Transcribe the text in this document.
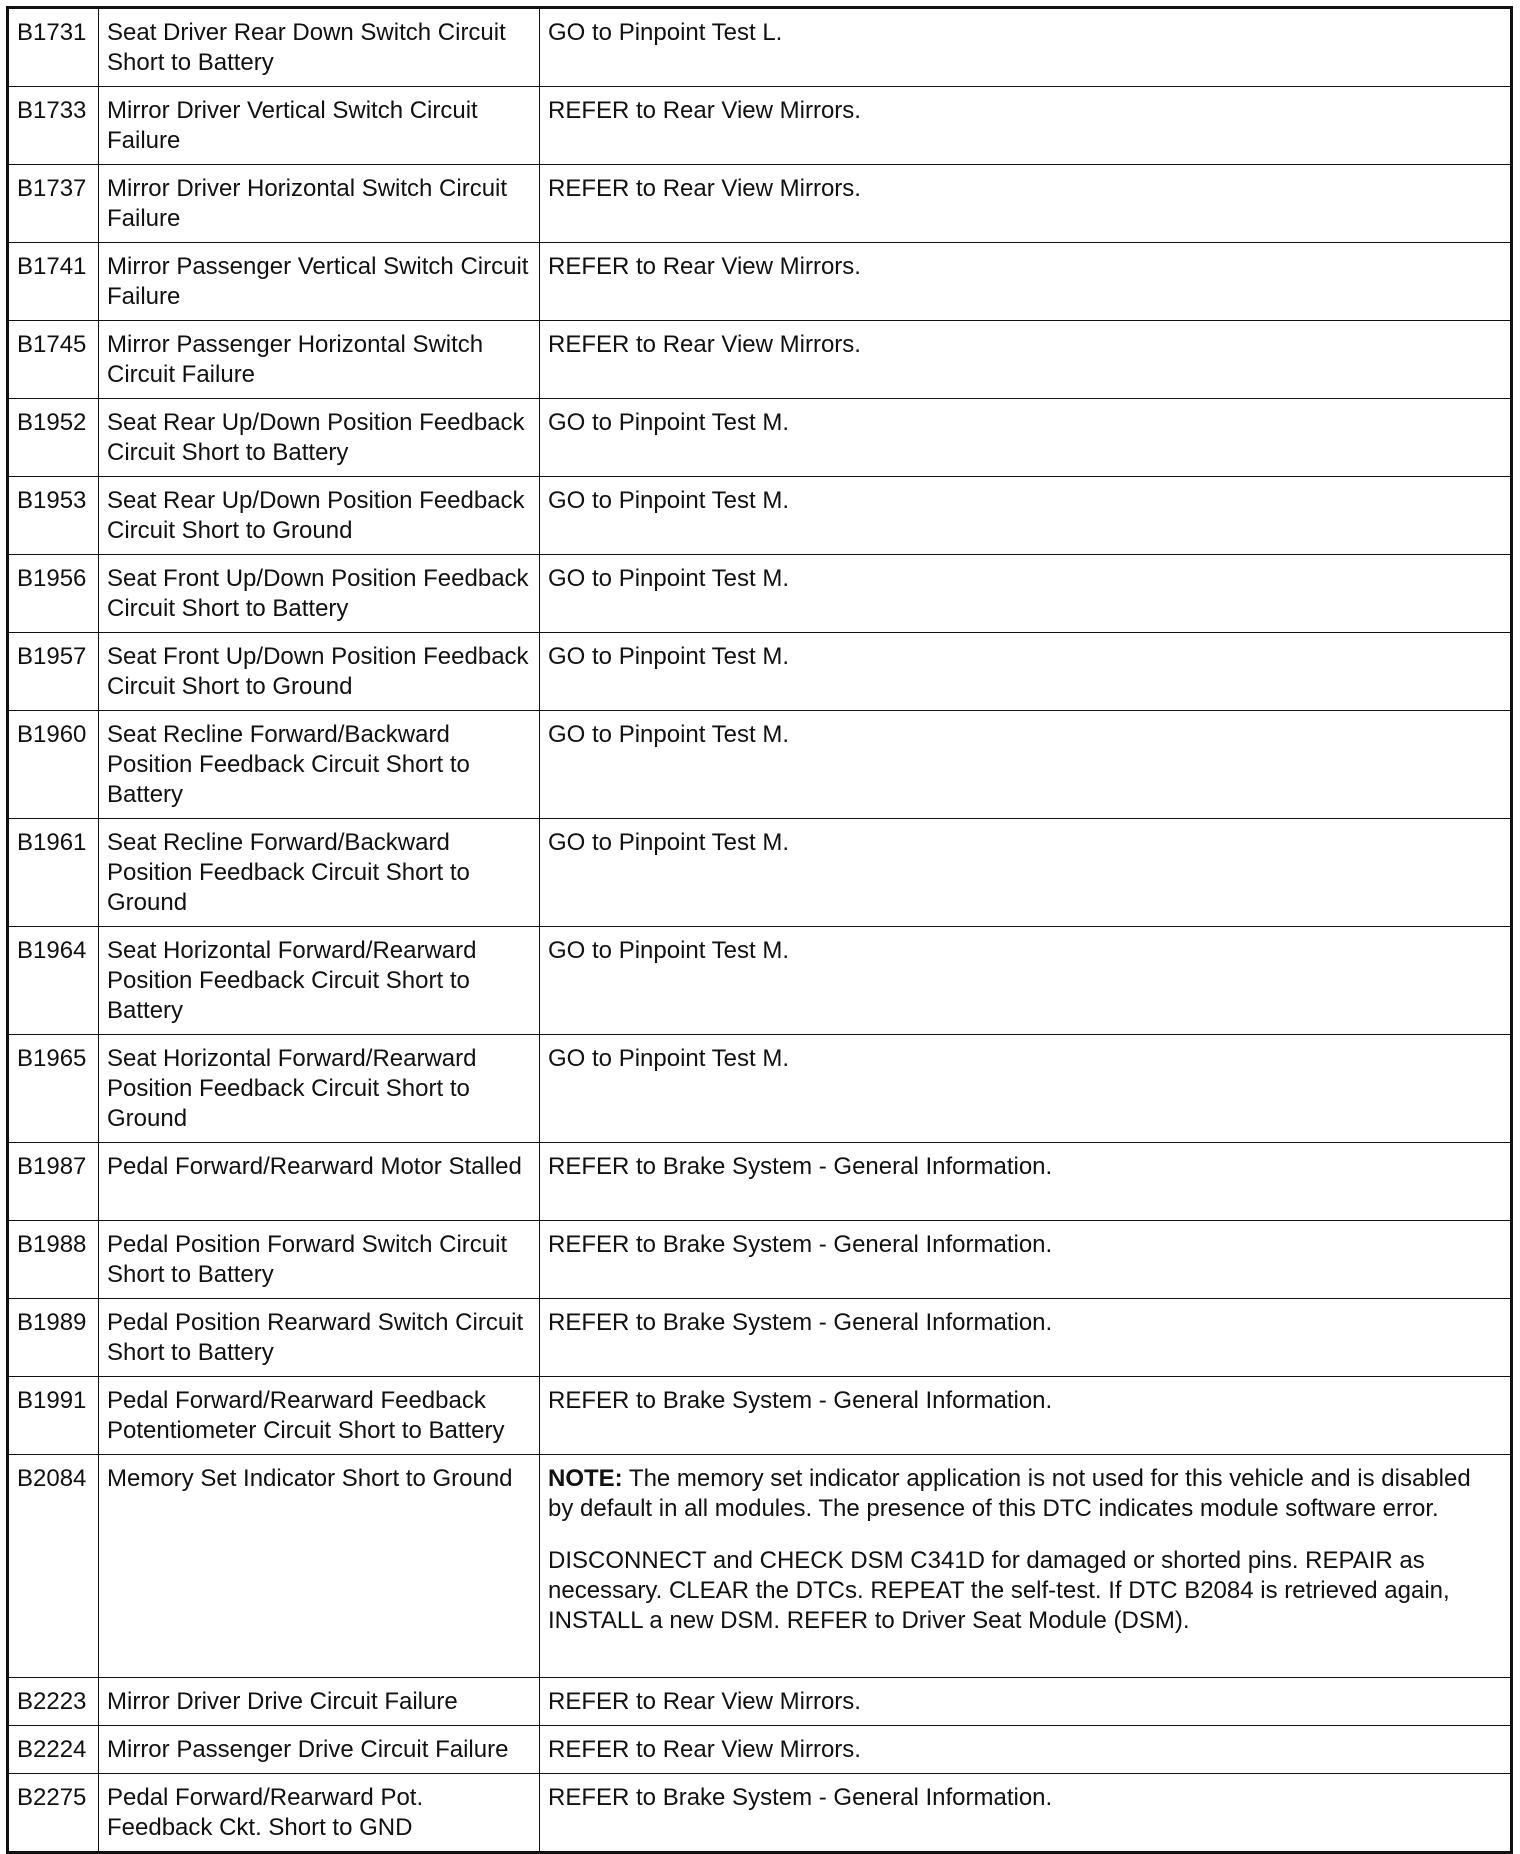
B1731	Seat Driver Rear Down Switch Circuit Short to Battery	GO to Pinpoint Test L.
B1733	Mirror Driver Vertical Switch Circuit Failure	REFER to Rear View Mirrors.
B1737	Mirror Driver Horizontal Switch Circuit Failure	REFER to Rear View Mirrors.
B1741	Mirror Passenger Vertical Switch Circuit Failure	REFER to Rear View Mirrors.
B1745	Mirror Passenger Horizontal Switch Circuit Failure	REFER to Rear View Mirrors.
B1952	Seat Rear Up/Down Position Feedback Circuit Short to Battery	GO to Pinpoint Test M.
B1953	Seat Rear Up/Down Position Feedback Circuit Short to Ground	GO to Pinpoint Test M.
B1956	Seat Front Up/Down Position Feedback Circuit Short to Battery	GO to Pinpoint Test M.
B1957	Seat Front Up/Down Position Feedback Circuit Short to Ground	GO to Pinpoint Test M.
B1960	Seat Recline Forward/Backward Position Feedback Circuit Short to Battery	GO to Pinpoint Test M.
B1961	Seat Recline Forward/Backward Position Feedback Circuit Short to Ground	GO to Pinpoint Test M.
B1964	Seat Horizontal Forward/Rearward Position Feedback Circuit Short to Battery	GO to Pinpoint Test M.
B1965	Seat Horizontal Forward/Rearward Position Feedback Circuit Short to Ground	GO to Pinpoint Test M.
B1987	Pedal Forward/Rearward Motor Stalled	REFER to Brake System - General Information.
B1988	Pedal Position Forward Switch Circuit Short to Battery	REFER to Brake System - General Information.
B1989	Pedal Position Rearward Switch Circuit Short to Battery	REFER to Brake System - General Information.
B1991	Pedal Forward/Rearward Feedback Potentiometer Circuit Short to Battery	REFER to Brake System - General Information.
B2084	Memory Set Indicator Short to Ground	NOTE: The memory set indicator application is not used for this vehicle and is disabled by default in all modules. The presence of this DTC indicates module software error.
DISCONNECT and CHECK DSM C341D for damaged or shorted pins. REPAIR as necessary. CLEAR the DTCs. REPEAT the self-test. If DTC B2084 is retrieved again, INSTALL a new DSM. REFER to Driver Seat Module (DSM).

B2223	Mirror Driver Drive Circuit Failure	REFER to Rear View Mirrors.
B2224	Mirror Passenger Drive Circuit Failure	REFER to Rear View Mirrors.
B2275	Pedal Forward/Rearward Pot. Feedback Ckt. Short to GND	REFER to Brake System - General Information.
